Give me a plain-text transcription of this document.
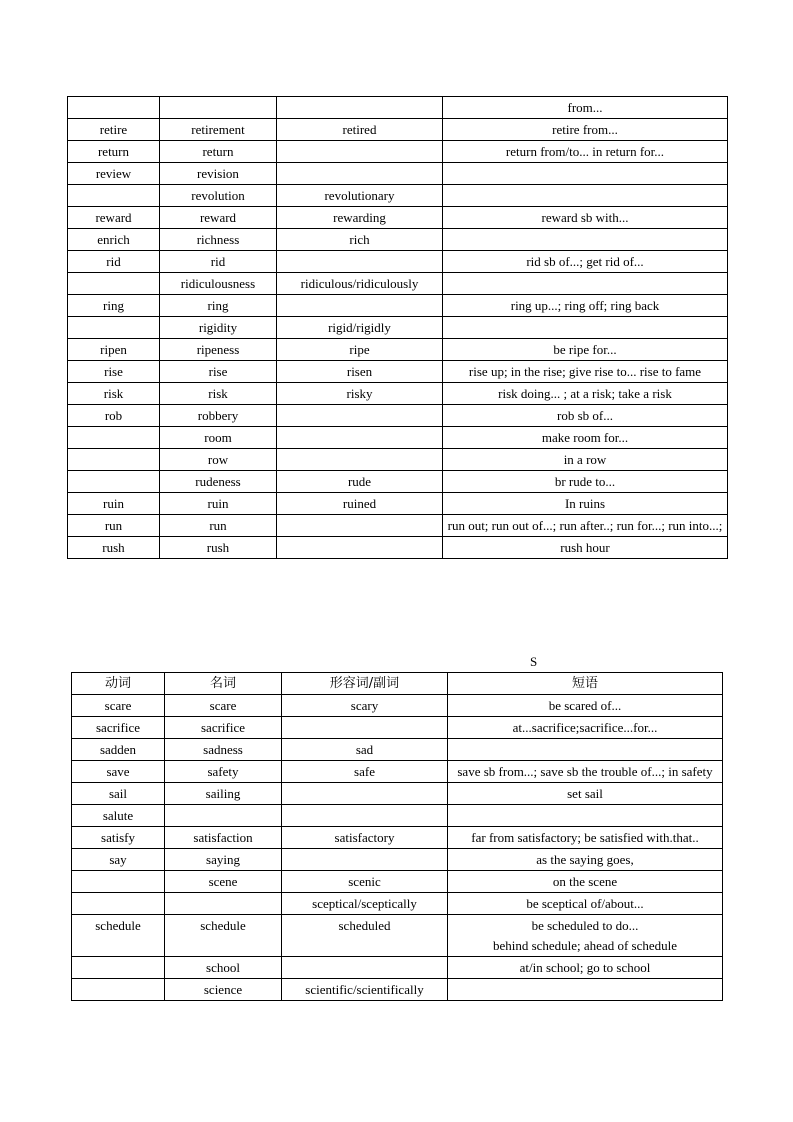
			from...
retire	retirement	retired	retire from...
return	return		return from/to... in return for...
review	revision		
	revolution	revolutionary	
reward	reward	rewarding	reward sb with...
enrich	richness	rich	
rid	rid		rid sb of...; get rid of...
	ridiculousness	ridiculous/ridiculously	
ring	ring		ring up...; ring off; ring back
	rigidity	rigid/rigidly	
ripen	ripeness	ripe	be ripe for...
rise	rise	risen	rise up; in the rise; give rise to... rise to fame
risk	risk	risky	risk doing... ; at a risk; take a risk
rob	robbery		rob sb of...
	room		make room for...
	row		in a row
	rudeness	rude	br rude to...
ruin	ruin	ruined	In ruins
run	run		run out; run out of...; run after..; run for...; run into...;
rush	rush		rush hour
S
动词	名词	形容词/副词	短语
scare	scare	scary	be scared of...
sacrifice	sacrifice		at...sacrifice;sacrifice...for...
sadden	sadness	sad	
save	safety	safe	save sb from...; save sb the trouble of...; in safety
sail	sailing		set sail
salute			
satisfy	satisfaction	satisfactory	far from satisfactory; be satisfied with.that..
say	saying		as the saying goes,
	scene	scenic	on the scene
		sceptical/sceptically	be sceptical of/about...
schedule	schedule	scheduled	be scheduled to do...
behind schedule; ahead of schedule

	school		at/in school; go to school
	science	scientific/scientifically	
